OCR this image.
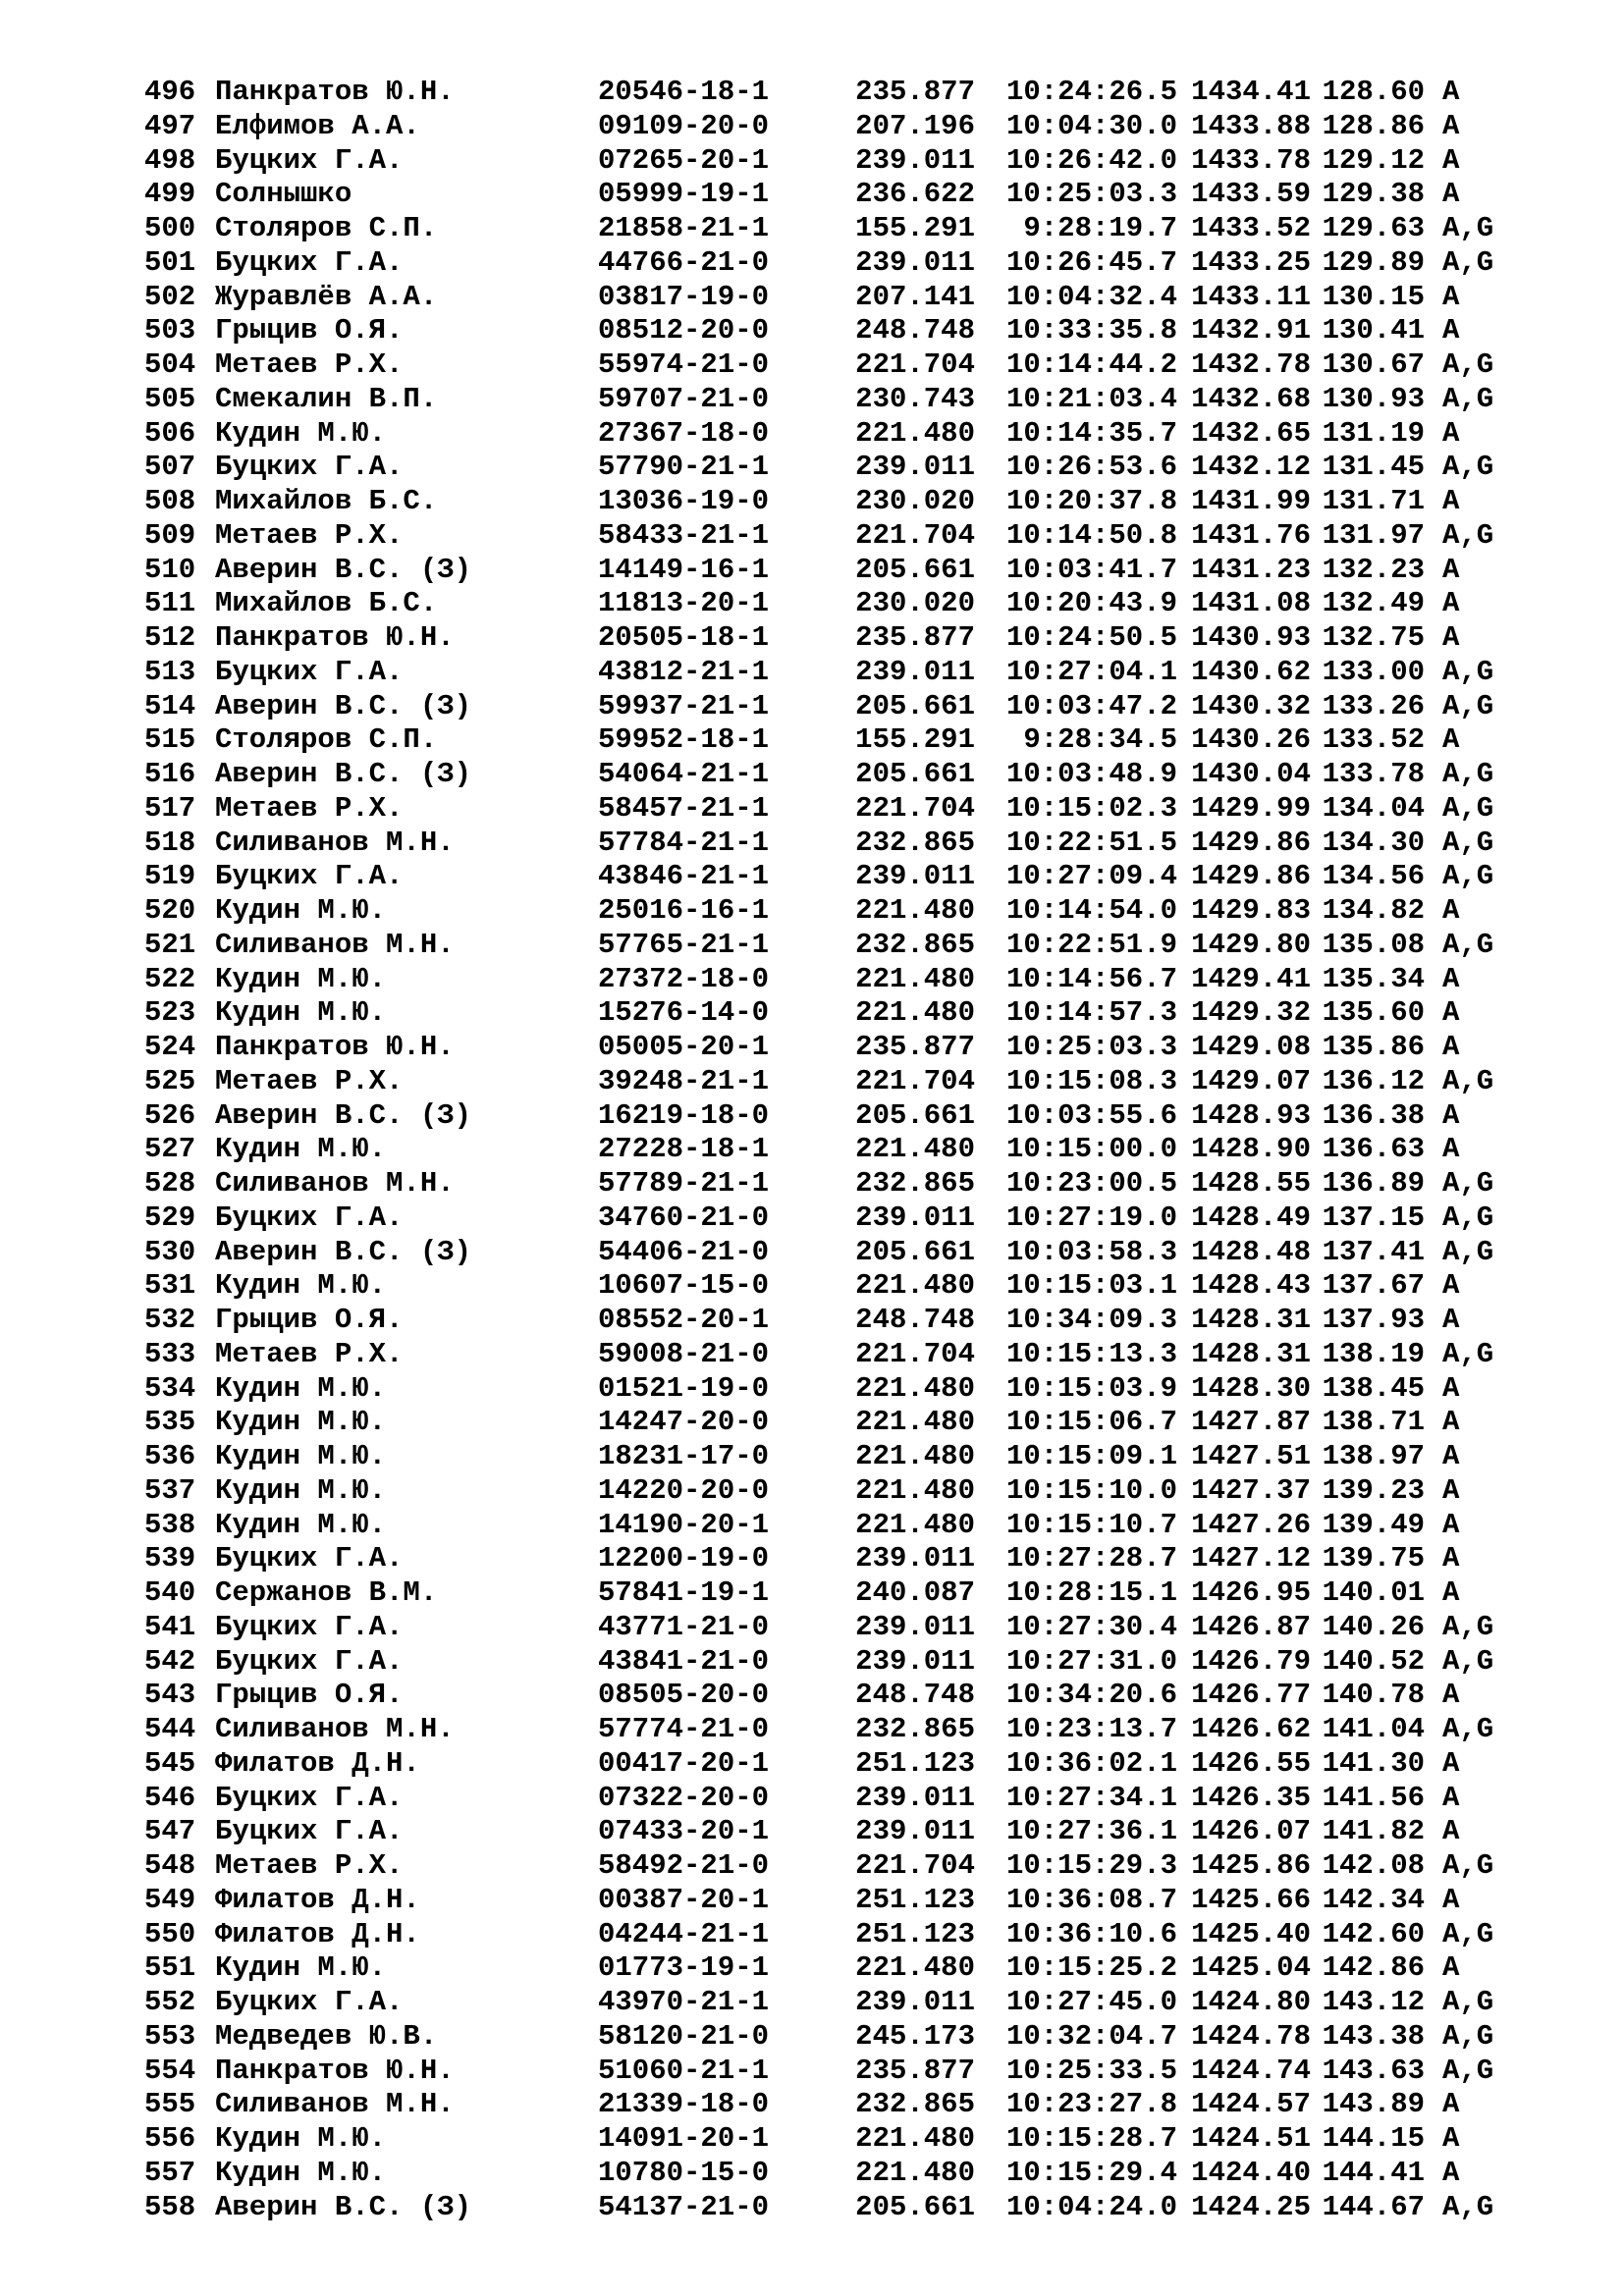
496 Панкратов Ю.Н.	20546-18-1	235.877 10:24:26.5 1434.41 128.60 A
497 Елфимов А.А.	09109-20-0	207.196 10:04:30.0 1433.88 128.86 A
498 Буцких Г.А.	07265-20-1	239.011 10:26:42.0 1433.78 129.12 A
499 Солнышко	05999-19-1	236.622 10:25:03.3 1433.59 129.38 A
500 Столяров С.П.	21858-21-1	155.291 9:28:19.7 1433.52 129.63 A,G
501 Буцких Г.А.	44766-21-0	239.011 10:26:45.7 1433.25 129.89 A,G
502 Журавлёв А.А.	03817-19-0	207.141 10:04:32.4 1433.11 130.15 A
503 Грыцив О.Я.	08512-20-0	248.748 10:33:35.8 1432.91 130.41 A
504 Метаев Р.Х.	55974-21-0	221.704 10:14:44.2 1432.78 130.67 A,G
505 Смекалин В.П.	59707-21-0	230.743 10:21:03.4 1432.68 130.93 A,G
506 Кудин М.Ю.	27367-18-0	221.480 10:14:35.7 1432.65 131.19 A
507 Буцких Г.А.	57790-21-1	239.011 10:26:53.6 1432.12 131.45 A,G
508 Михайлов Б.С.	13036-19-0	230.020 10:20:37.8 1431.99 131.71 A
509 Метаев Р.Х.	58433-21-1	221.704 10:14:50.8 1431.76 131.97 A,G
510 Аверин В.С. (З)	14149-16-1	205.661 10:03:41.7 1431.23 132.23 A
511 Михайлов Б.С.	11813-20-1	230.020 10:20:43.9 1431.08 132.49 A
512 Панкратов Ю.Н.	20505-18-1	235.877 10:24:50.5 1430.93 132.75 A
513 Буцких Г.А.	43812-21-1	239.011 10:27:04.1 1430.62 133.00 A,G
514 Аверин В.С. (З)	59937-21-1	205.661 10:03:47.2 1430.32 133.26 A,G
515 Столяров С.П.	59952-18-1	155.291 9:28:34.5 1430.26 133.52 A
516 Аверин В.С. (З)	54064-21-1	205.661 10:03:48.9 1430.04 133.78 A,G
517 Метаев Р.Х.	58457-21-1	221.704 10:15:02.3 1429.99 134.04 A,G
518 Силиванов М.Н.	57784-21-1	232.865 10:22:51.5 1429.86 134.30 A,G
519 Буцких Г.А.	43846-21-1	239.011 10:27:09.4 1429.86 134.56 A,G
520 Кудин М.Ю.	25016-16-1	221.480 10:14:54.0 1429.83 134.82 A
521 Силиванов М.Н.	57765-21-1	232.865 10:22:51.9 1429.80 135.08 A,G
522 Кудин М.Ю.	27372-18-0	221.480 10:14:56.7 1429.41 135.34 A
523 Кудин М.Ю.	15276-14-0	221.480 10:14:57.3 1429.32 135.60 A
524 Панкратов Ю.Н.	05005-20-1	235.877 10:25:03.3 1429.08 135.86 A
525 Метаев Р.Х.	39248-21-1	221.704 10:15:08.3 1429.07 136.12 A,G
526 Аверин В.С. (З)	16219-18-0	205.661 10:03:55.6 1428.93 136.38 A
527 Кудин М.Ю.	27228-18-1	221.480 10:15:00.0 1428.90 136.63 A
528 Силиванов М.Н.	57789-21-1	232.865 10:23:00.5 1428.55 136.89 A,G
529 Буцких Г.А.	34760-21-0	239.011 10:27:19.0 1428.49 137.15 A,G
530 Аверин В.С. (З)	54406-21-0	205.661 10:03:58.3 1428.48 137.41 A,G
531 Кудин М.Ю.	10607-15-0	221.480 10:15:03.1 1428.43 137.67 A
532 Грыцив О.Я.	08552-20-1	248.748 10:34:09.3 1428.31 137.93 A
533 Метаев Р.Х.	59008-21-0	221.704 10:15:13.3 1428.31 138.19 A,G
534 Кудин М.Ю.	01521-19-0	221.480 10:15:03.9 1428.30 138.45 A
535 Кудин М.Ю.	14247-20-0	221.480 10:15:06.7 1427.87 138.71 A
536 Кудин М.Ю.	18231-17-0	221.480 10:15:09.1 1427.51 138.97 A
537 Кудин М.Ю.	14220-20-0	221.480 10:15:10.0 1427.37 139.23 A
538 Кудин М.Ю.	14190-20-1	221.480 10:15:10.7 1427.26 139.49 A
539 Буцких Г.А.	12200-19-0	239.011 10:27:28.7 1427.12 139.75 A
540 Сержанов В.М.	57841-19-1	240.087 10:28:15.1 1426.95 140.01 A
541 Буцких Г.А.	43771-21-0	239.011 10:27:30.4 1426.87 140.26 A,G
542 Буцких Г.А.	43841-21-0	239.011 10:27:31.0 1426.79 140.52 A,G
543 Грыцив О.Я.	08505-20-0	248.748 10:34:20.6 1426.77 140.78 A
544 Силиванов М.Н.	57774-21-0	232.865 10:23:13.7 1426.62 141.04 A,G
545 Филатов Д.Н.	00417-20-1	251.123 10:36:02.1 1426.55 141.30 A
546 Буцких Г.А.	07322-20-0	239.011 10:27:34.1 1426.35 141.56 A
547 Буцких Г.А.	07433-20-1	239.011 10:27:36.1 1426.07 141.82 A
548 Метаев Р.Х.	58492-21-0	221.704 10:15:29.3 1425.86 142.08 A,G
549 Филатов Д.Н.	00387-20-1	251.123 10:36:08.7 1425.66 142.34 A
550 Филатов Д.Н.	04244-21-1	251.123 10:36:10.6 1425.40 142.60 A,G
551 Кудин М.Ю.	01773-19-1	221.480 10:15:25.2 1425.04 142.86 A
552 Буцких Г.А.	43970-21-1	239.011 10:27:45.0 1424.80 143.12 A,G
553 Медведев Ю.В.	58120-21-0	245.173 10:32:04.7 1424.78 143.38 A,G
554 Панкратов Ю.Н.	51060-21-1	235.877 10:25:33.5 1424.74 143.63 A,G
555 Силиванов М.Н.	21339-18-0	232.865 10:23:27.8 1424.57 143.89 A
556 Кудин М.Ю.	14091-20-1	221.480 10:15:28.7 1424.51 144.15 A
557 Кудин М.Ю.	10780-15-0	221.480 10:15:29.4 1424.40 144.41 A
558 Аверин В.С. (З)	54137-21-0	205.661 10:04:24.0 1424.25 144.67 A,G
